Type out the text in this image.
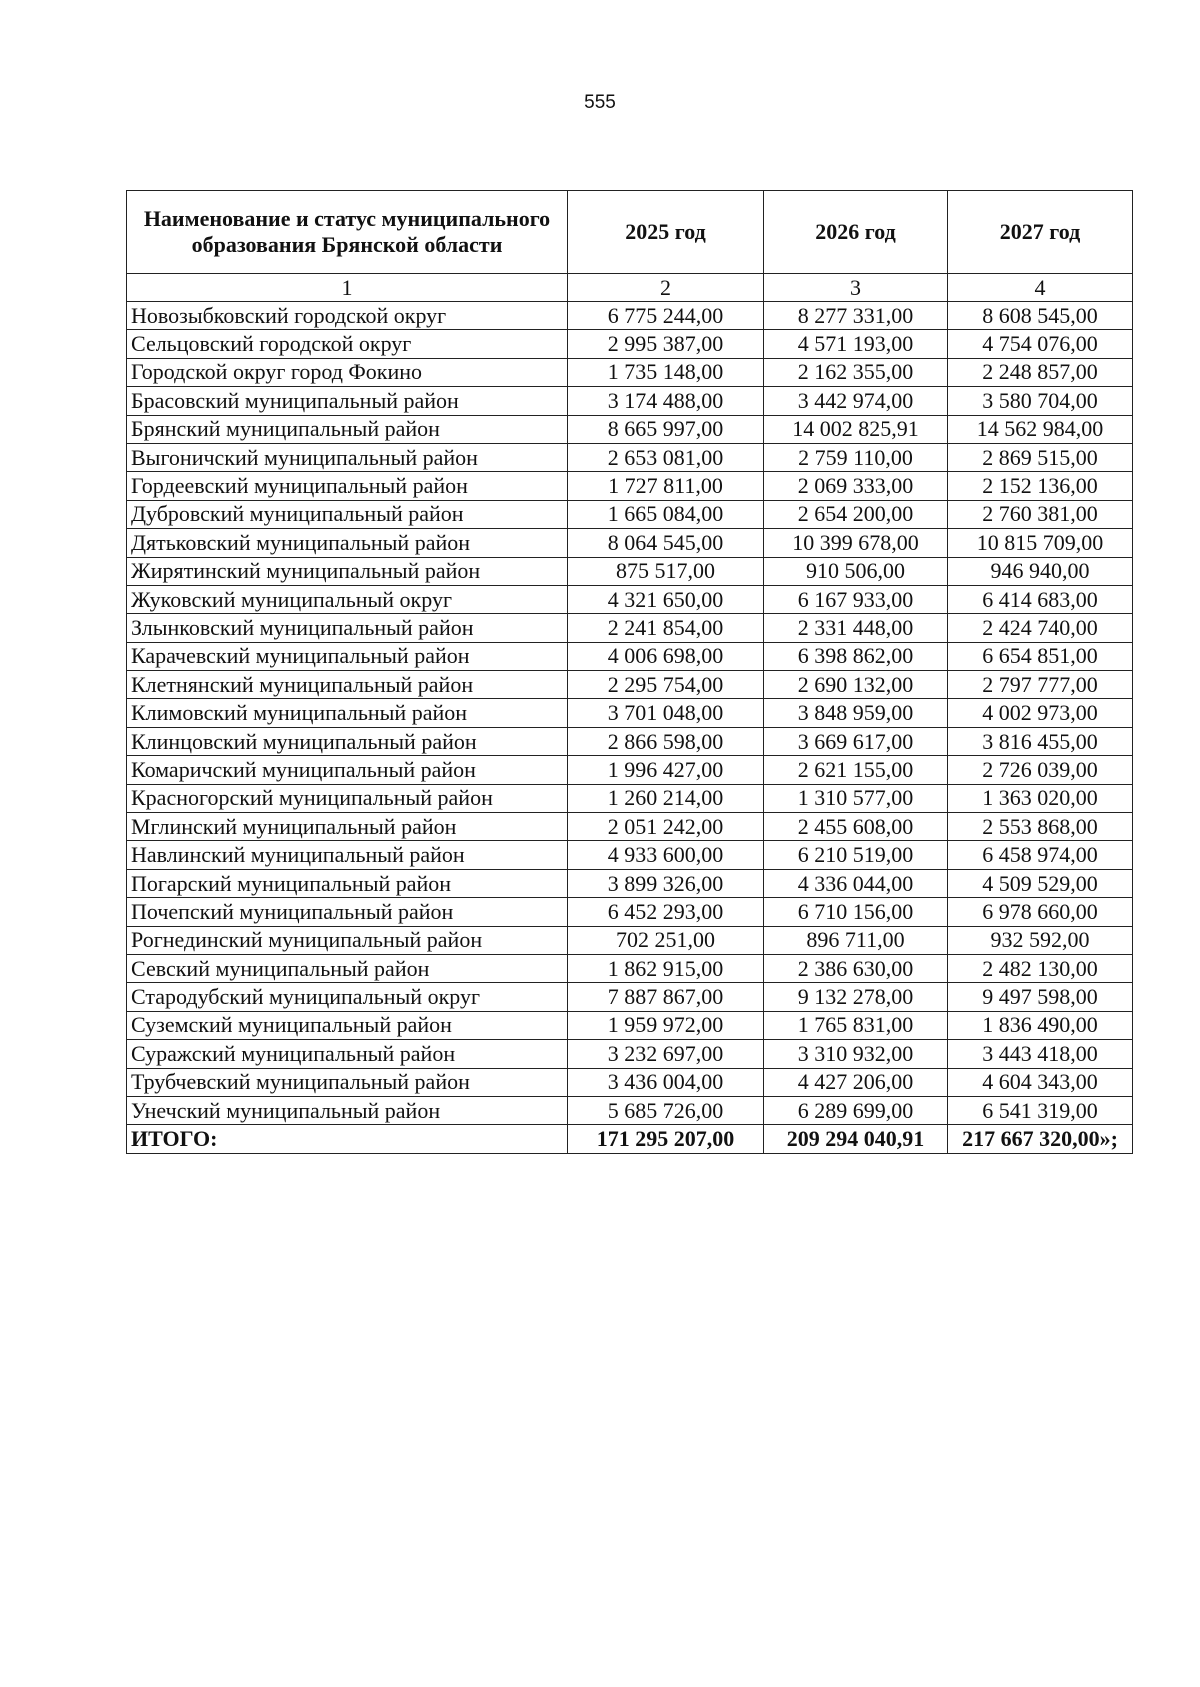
555
Наименование и статус муниципального образования Брянской области	2025 год	2026 год	2027 год
1	2	3	4
Новозыбковский городской округ	6 775 244,00	8 277 331,00	8 608 545,00
Сельцовский городской округ	2 995 387,00	4 571 193,00	4 754 076,00
Городской округ город Фокино	1 735 148,00	2 162 355,00	2 248 857,00
Брасовский муниципальный район	3 174 488,00	3 442 974,00	3 580 704,00
Брянский муниципальный район	8 665 997,00	14 002 825,91	14 562 984,00
Выгоничский муниципальный район	2 653 081,00	2 759 110,00	2 869 515,00
Гордеевский муниципальный район	1 727 811,00	2 069 333,00	2 152 136,00
Дубровский муниципальный район	1 665 084,00	2 654 200,00	2 760 381,00
Дятьковский муниципальный район	8 064 545,00	10 399 678,00	10 815 709,00
Жирятинский муниципальный район	875 517,00	910 506,00	946 940,00
Жуковский муниципальный округ	4 321 650,00	6 167 933,00	6 414 683,00
Злынковский муниципальный район	2 241 854,00	2 331 448,00	2 424 740,00
Карачевский муниципальный район	4 006 698,00	6 398 862,00	6 654 851,00
Клетнянский муниципальный район	2 295 754,00	2 690 132,00	2 797 777,00
Климовский муниципальный район	3 701 048,00	3 848 959,00	4 002 973,00
Клинцовский муниципальный район	2 866 598,00	3 669 617,00	3 816 455,00
Комаричский муниципальный район	1 996 427,00	2 621 155,00	2 726 039,00
Красногорский муниципальный район	1 260 214,00	1 310 577,00	1 363 020,00
Мглинский муниципальный район	2 051 242,00	2 455 608,00	2 553 868,00
Навлинский муниципальный район	4 933 600,00	6 210 519,00	6 458 974,00
Погарский муниципальный район	3 899 326,00	4 336 044,00	4 509 529,00
Почепский муниципальный район	6 452 293,00	6 710 156,00	6 978 660,00
Рогнединский муниципальный район	702 251,00	896 711,00	932 592,00
Севский муниципальный район	1 862 915,00	2 386 630,00	2 482 130,00
Стародубский муниципальный округ	7 887 867,00	9 132 278,00	9 497 598,00
Суземский муниципальный район	1 959 972,00	1 765 831,00	1 836 490,00
Суражский муниципальный район	3 232 697,00	3 310 932,00	3 443 418,00
Трубчевский муниципальный район	3 436 004,00	4 427 206,00	4 604 343,00
Унечский муниципальный район	5 685 726,00	6 289 699,00	6 541 319,00
ИТОГО:	171 295 207,00	209 294 040,91	217 667 320,00»;
